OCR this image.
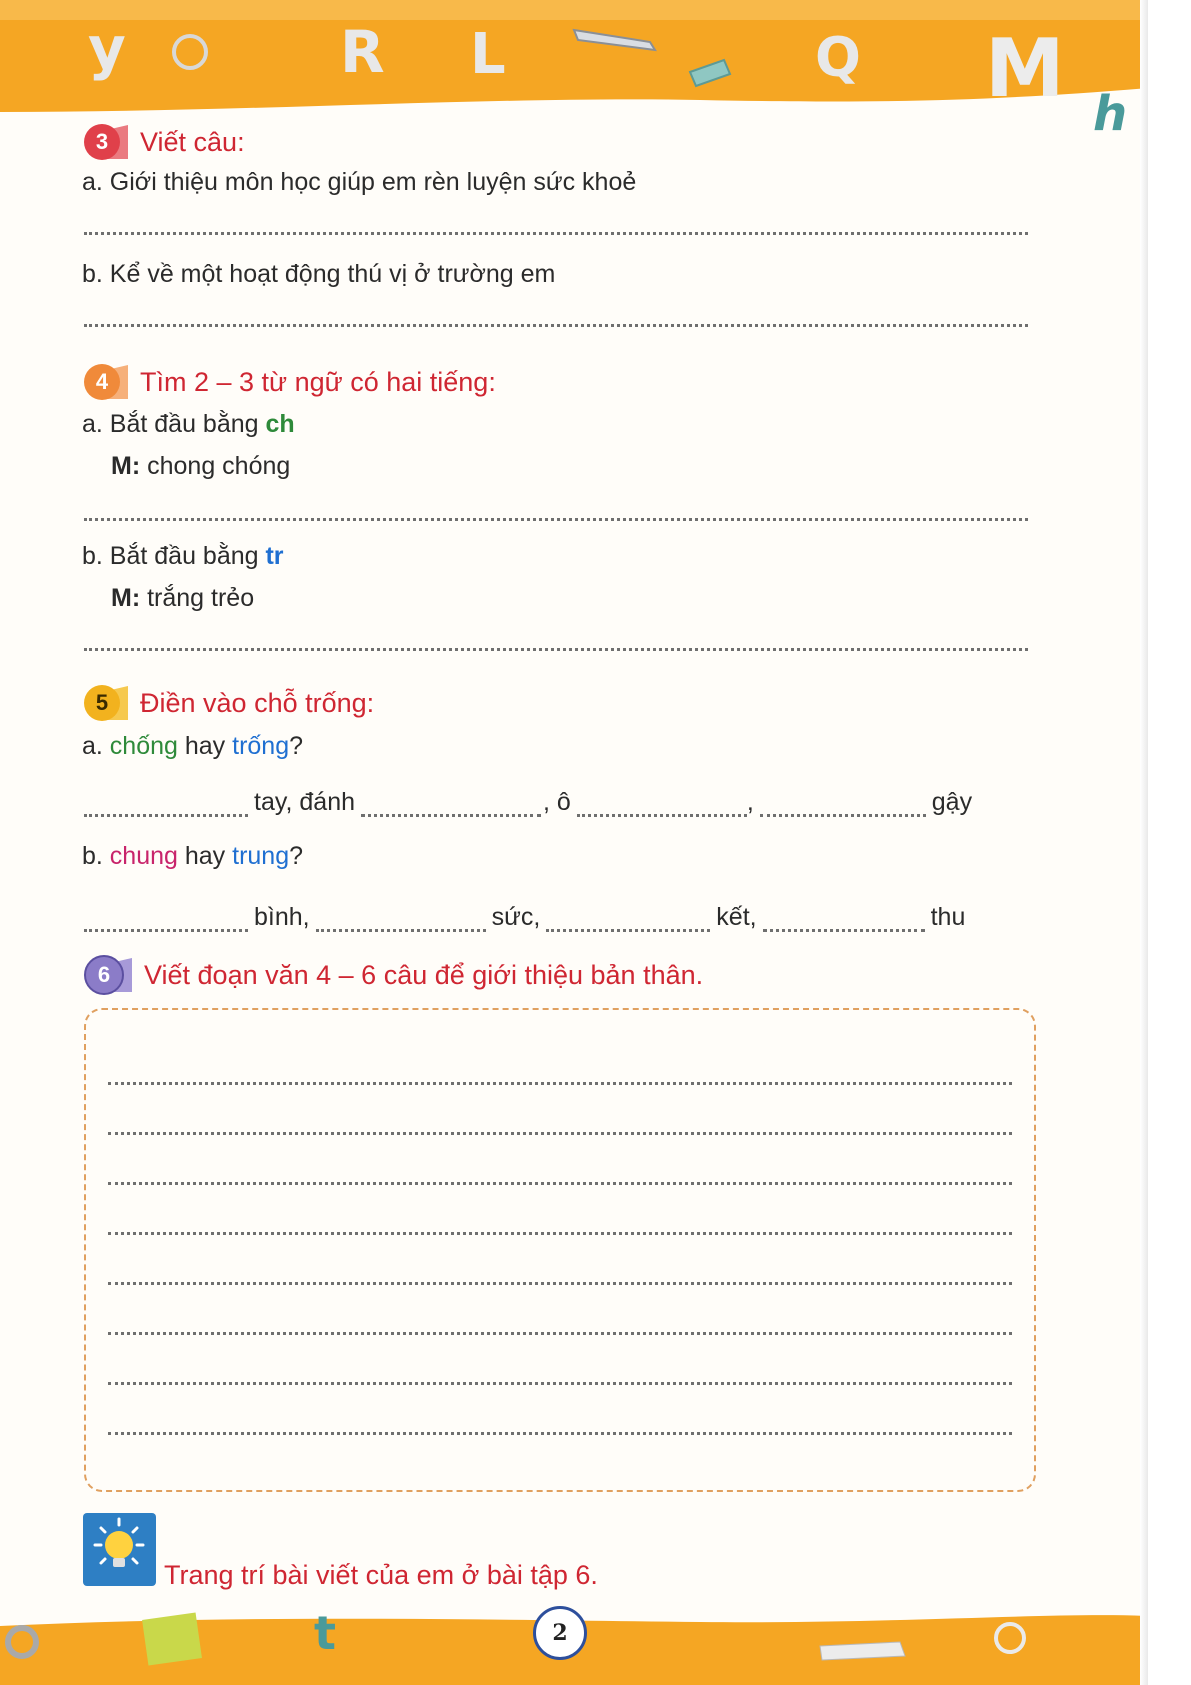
y	R L	Q M h
3	Viết câu:
a. Giới thiệu môn học giúp em rèn luyện sức khoẻ
b. Kể về một hoạt động thú vị ở trường em
4	Tìm 2 – 3 từ ngữ có hai tiếng:
a. Bắt đầu bằng ch
M: chong chóng
b. Bắt đầu bằng tr
M: trắng trẻo
5	Điền vào chỗ trống:
a. chống hay trống?
tay, đánh	, ô	,	gậy
b. chung hay trung?
bình,	sức,	kết,	thu
6	Viết đoạn văn 4 – 6 câu để giới thiệu bản thân.
Trang trí bài viết của em ở bài tập 6.
t	2
